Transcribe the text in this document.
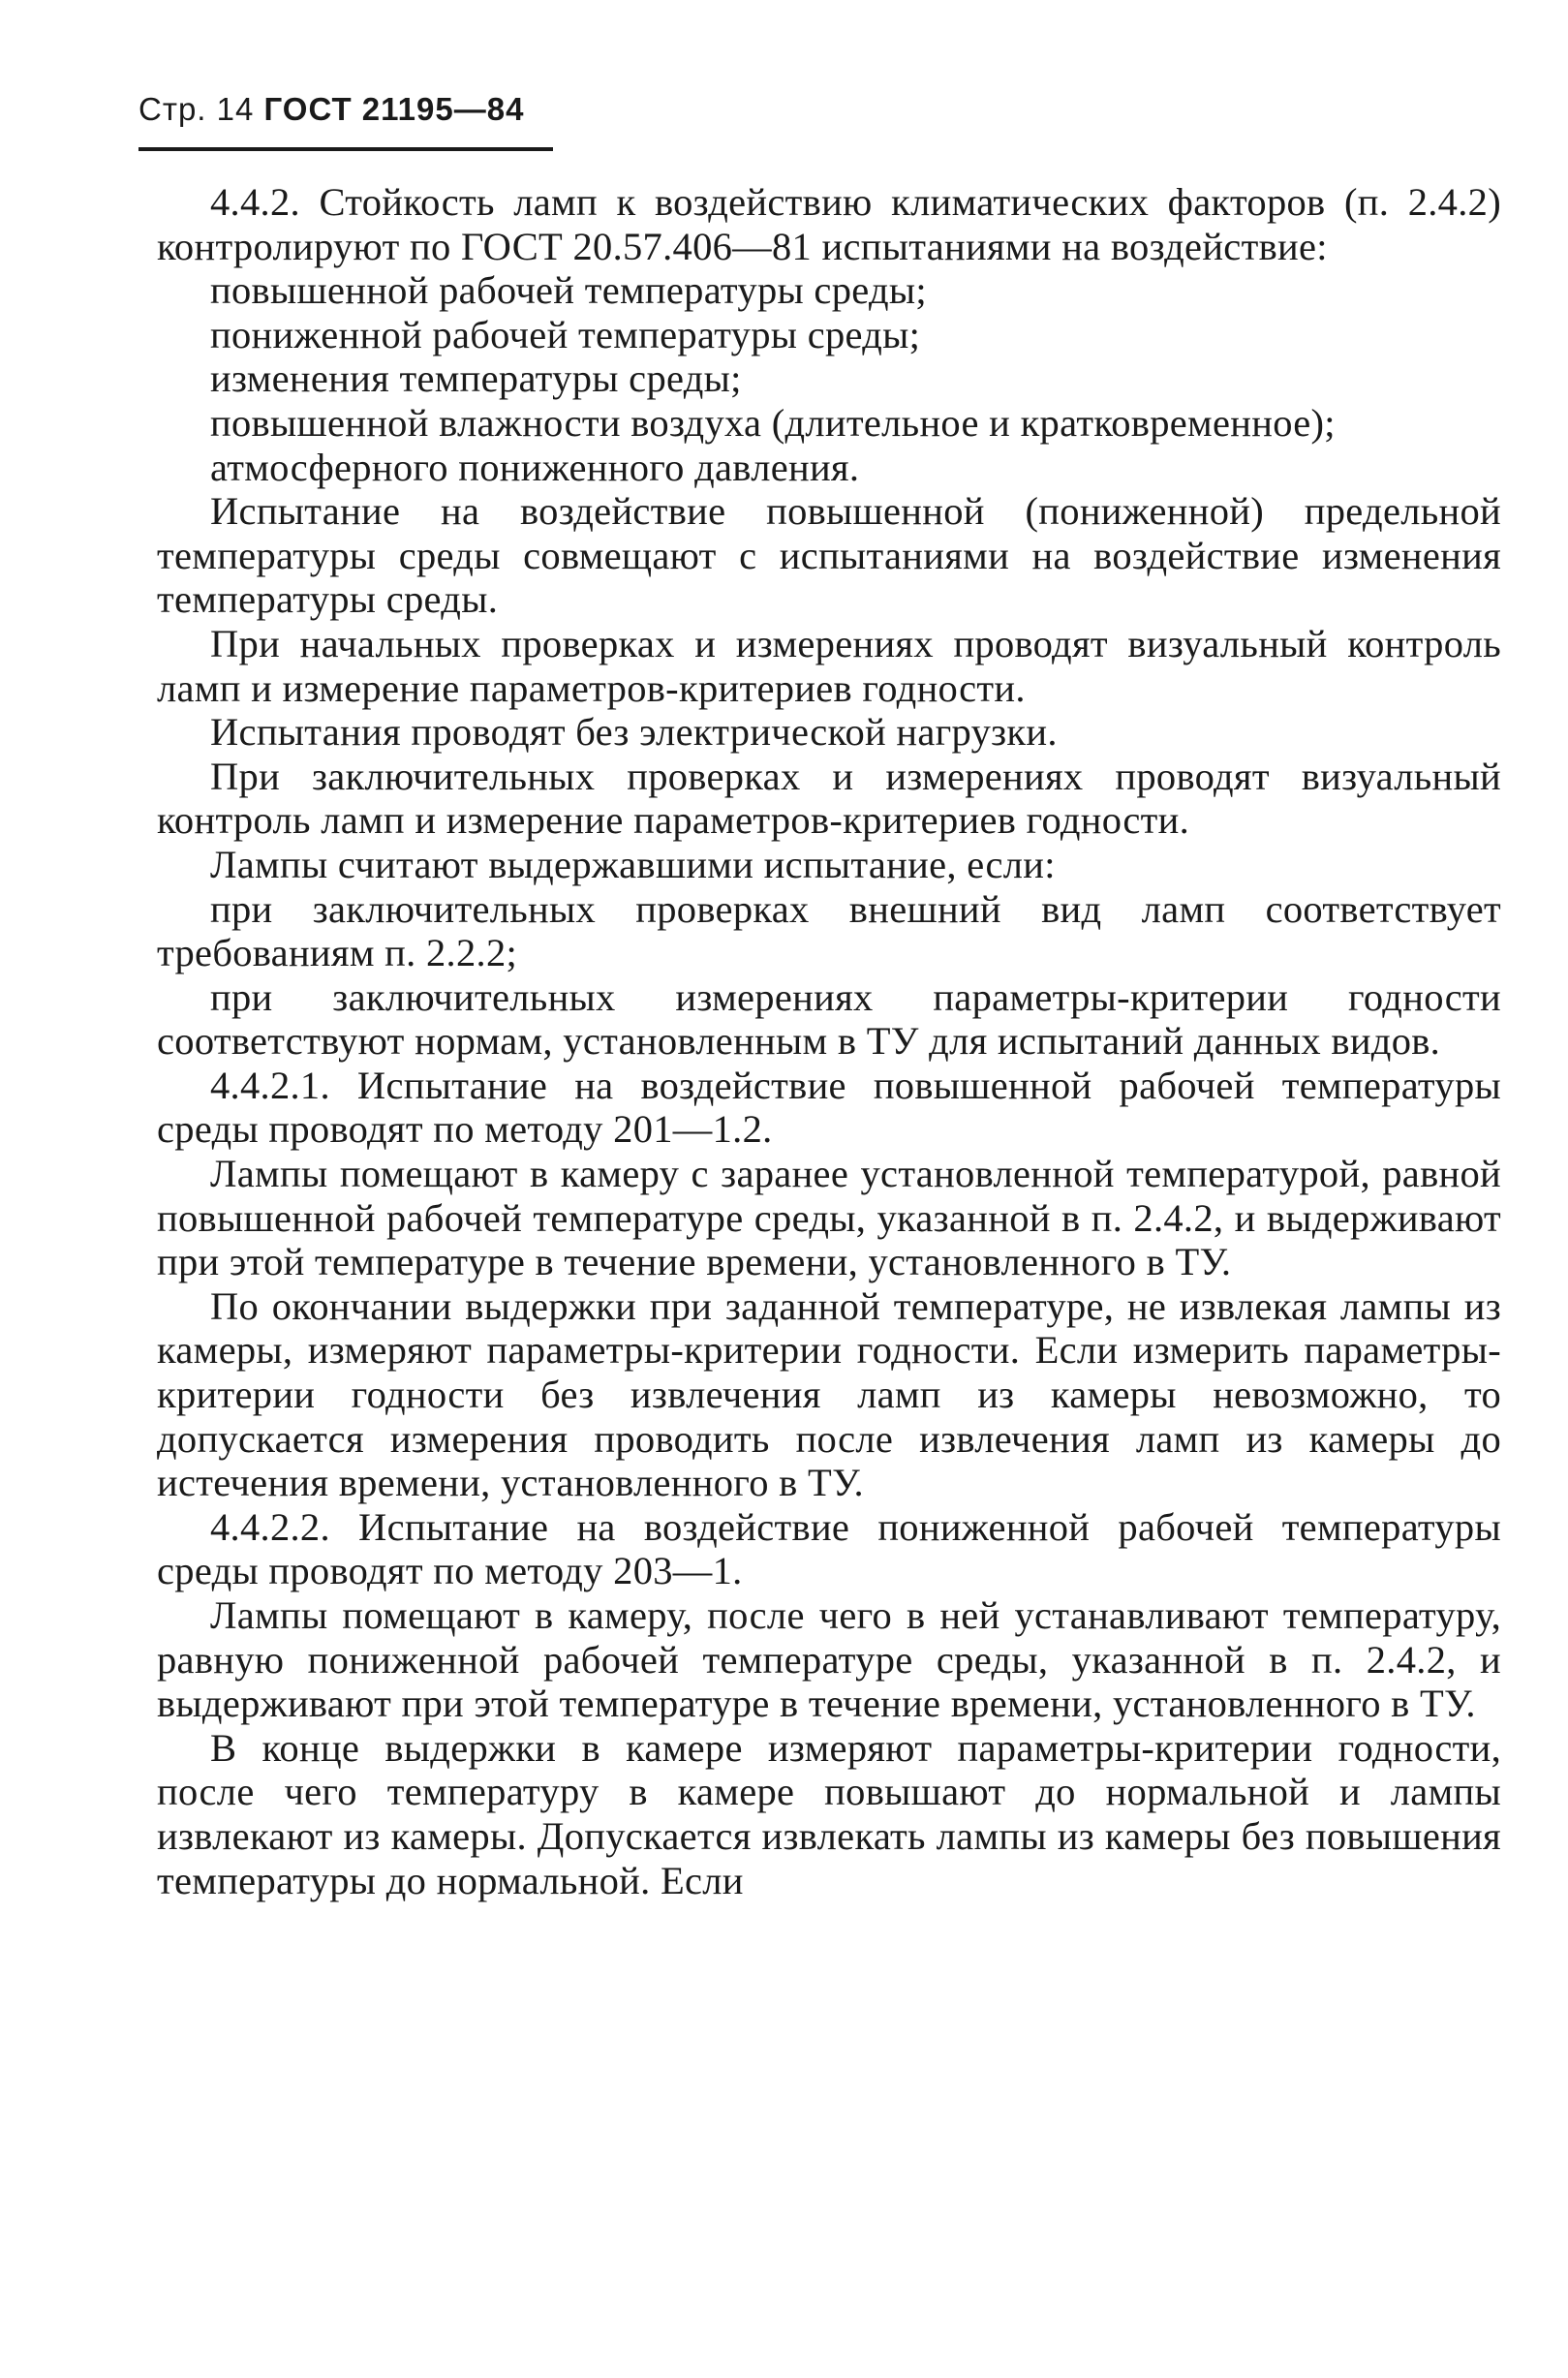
Стр. 14 ГОСТ 21195—84

4.4.2. Стойкость ламп к воздействию климатических факторов (п. 2.4.2) контролируют по ГОСТ 20.57.406—81 испытаниями на воздействие:

повышенной рабочей температуры среды;

пониженной рабочей температуры среды;

изменения температуры среды;

повышенной влажности воздуха (длительное и кратковременное);

атмосферного пониженного давления.

Испытание на воздействие повышенной (пониженной) предельной температуры среды совмещают с испытаниями на воздействие изменения температуры среды.

При начальных проверках и измерениях проводят визуальный контроль ламп и измерение параметров-критериев годности.

Испытания проводят без электрической нагрузки.

При заключительных проверках и измерениях проводят визуальный контроль ламп и измерение параметров-критериев годности.

Лампы считают выдержавшими испытание, если:

при заключительных проверках внешний вид ламп соответствует требованиям п. 2.2.2;

при заключительных измерениях параметры-критерии годности соответствуют нормам, установленным в ТУ для испытаний данных видов.

4.4.2.1. Испытание на воздействие повышенной рабочей температуры среды проводят по методу 201—1.2.

Лампы помещают в камеру с заранее установленной температурой, равной повышенной рабочей температуре среды, указанной в п. 2.4.2, и выдерживают при этой температуре в течение времени, установленного в ТУ.

По окончании выдержки при заданной температуре, не извлекая лампы из камеры, измеряют параметры-критерии годности. Если измерить параметры-критерии годности без извлечения ламп из камеры невозможно, то допускается измерения проводить после извлечения ламп из камеры до истечения времени, установленного в ТУ.

4.4.2.2. Испытание на воздействие пониженной рабочей температуры среды проводят по методу 203—1.

Лампы помещают в камеру, после чего в ней устанавливают температуру, равную пониженной рабочей температуре среды, указанной в п. 2.4.2, и выдерживают при этой температуре в течение времени, установленного в ТУ.

В конце выдержки в камере измеряют параметры-критерии годности, после чего температуру в камере повышают до нормальной и лампы извлекают из камеры. Допускается извлекать лампы из камеры без повышения температуры до нормальной. Если
